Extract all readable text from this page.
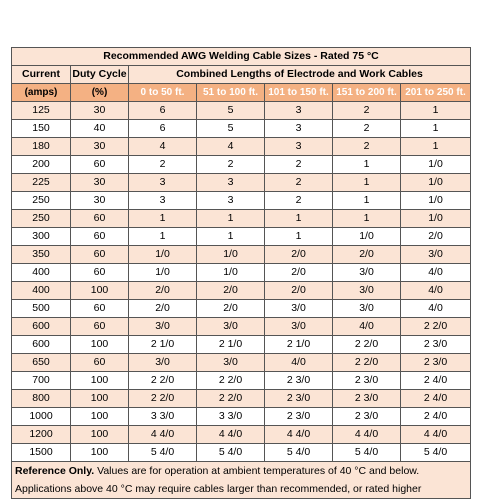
Recommended AWG Welding Cable Sizes - Rated 75 °C						
Current	Duty Cycle	Combined Lengths of Electrode and Work Cables				
(amps)	(%)	0 to 50 ft.	51 to 100 ft.	101 to 150 ft.	151 to 200 ft.	201 to 250 ft.
125	30	6	5	3	2	1
150	40	6	5	3	2	1
180	30	4	4	3	2	1
200	60	2	2	2	1	1/0
225	30	3	3	2	1	1/0
250	30	3	3	2	1	1/0
250	60	1	1	1	1	1/0
300	60	1	1	1	1/0	2/0
350	60	1/0	1/0	2/0	2/0	3/0
400	60	1/0	1/0	2/0	3/0	4/0
400	100	2/0	2/0	2/0	3/0	4/0
500	60	2/0	2/0	3/0	3/0	4/0
600	60	3/0	3/0	3/0	4/0	2 2/0
600	100	2 1/0	2 1/0	2 1/0	2 2/0	2 3/0
650	60	3/0	3/0	4/0	2 2/0	2 3/0
700	100	2 2/0	2 2/0	2 3/0	2 3/0	2 4/0
800	100	2 2/0	2 2/0	2 3/0	2 3/0	2 4/0
1000	100	3 3/0	3 3/0	2 3/0	2 3/0	2 4/0
1200	100	4 4/0	4 4/0	4 4/0	4 4/0	4 4/0
1500	100	5 4/0	5 4/0	5 4/0	5 4/0	5 4/0
Reference Only. Values are for operation at ambient temperatures of 40 °C and below.
Applications above 40 °C may require cables larger than recommended, or rated higher						
